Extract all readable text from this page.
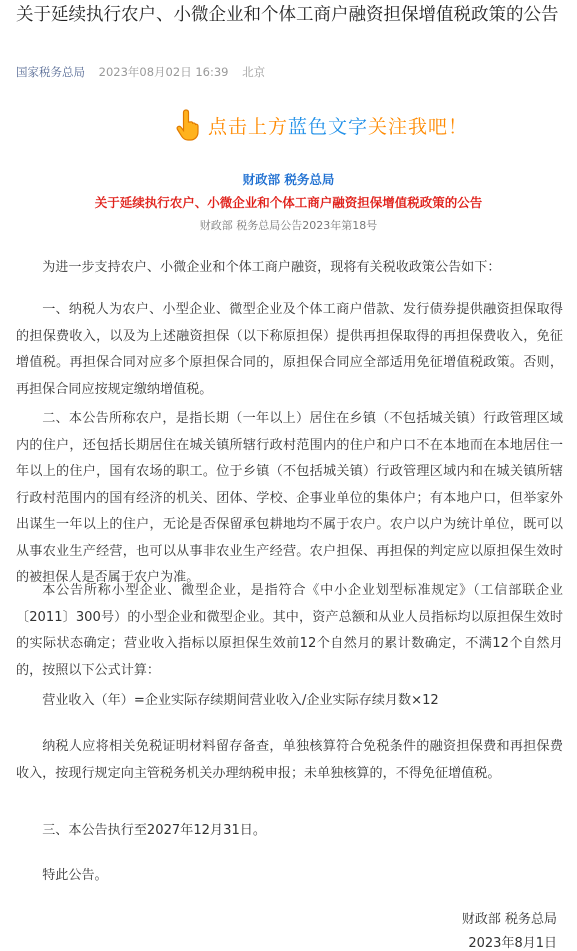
关于延续执行农户、小微企业和个体工商户融资担保增值税政策的公告
国家税务总局 2023年08月02日 16:39 北京
点击上方蓝色文字关注我吧！
财政部 税务总局
关于延续执行农户、小微企业和个体工商户融资担保增值税政策的公告
财政部 税务总局公告2023年第18号

为进一步支持农户、小微企业和个体工商户融资，现将有关税收政策公告如下：

一、纳税人为农户、小型企业、微型企业及个体工商户借款、发行债券提供融资担保取得的担保费收入，以及为上述融资担保（以下称原担保）提供再担保取得的再担保费收入，免征增值税。再担保合同对应多个原担保合同的，原担保合同应全部适用免征增值税政策。否则，再担保合同应按规定缴纳增值税。

二、本公告所称农户，是指长期（一年以上）居住在乡镇（不包括城关镇）行政管理区域内的住户，还包括长期居住在城关镇所辖行政村范围内的住户和户口不在本地而在本地居住一年以上的住户，国有农场的职工。位于乡镇（不包括城关镇）行政管理区域内和在城关镇所辖行政村范围内的国有经济的机关、团体、学校、企事业单位的集体户；有本地户口，但举家外出谋生一年以上的住户，无论是否保留承包耕地均不属于农户。农户以户为统计单位，既可以从事农业生产经营，也可以从事非农业生产经营。农户担保、再担保的判定应以原担保生效时的被担保人是否属于农户为准。

本公告所称小型企业、微型企业，是指符合《中小企业划型标准规定》（工信部联企业〔2011〕300号）的小型企业和微型企业。其中，资产总额和从业人员指标均以原担保生效时的实际状态确定；营业收入指标以原担保生效前12个自然月的累计数确定，不满12个自然月的，按照以下公式计算：

营业收入（年）=企业实际存续期间营业收入/企业实际存续月数×12

纳税人应将相关免税证明材料留存备查，单独核算符合免税条件的融资担保费和再担保费收入，按现行规定向主管税务机关办理纳税申报；未单独核算的，不得免征增值税。

三、本公告执行至2027年12月31日。

特此公告。

财政部 税务总局
2023年8月1日
